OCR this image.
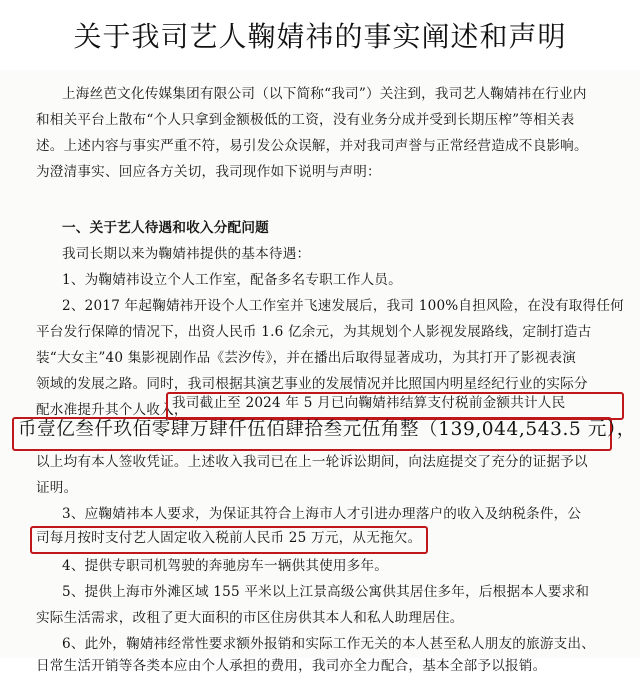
关于我司艺人鞠婧祎的事实阐述和声明
上海丝芭文化传媒集团有限公司（以下简称“我司”）关注到，我司艺人鞠婧祎在行业内
和相关平台上散布“个人只拿到金额极低的工资，没有业务分成并受到长期压榨”等相关表
述。上述内容与事实严重不符，易引发公众误解，并对我司声誉与正常经营造成不良影响。
为澄清事实、回应各方关切，我司现作如下说明与声明：
一、关于艺人待遇和收入分配问题
我司长期以来为鞠婧祎提供的基本待遇：
1、为鞠婧祎设立个人工作室，配备多名专职工作人员。
2、2017 年起鞠婧祎开设个人工作室并飞速发展后，我司 100%自担风险，在没有取得任何
平台发行保障的情况下，出资人民币 1.6 亿余元，为其规划个人影视发展路线，定制打造古
装“大女主”40 集影视剧作品《芸汐传》，并在播出后取得显著成功，为其打开了影视表演
领域的发展之路。同时，我司根据其演艺事业的发展情况并比照国内明星经纪行业的实际分
配水准提升其个人收入，
我司截止至 2024 年 5 月已向鞠婧祎结算支付税前金额共计人民
币壹亿叁仟玖佰零肆万肆仟伍佰肆拾叁元伍角整（139,044,543.5 元），
以上均有本人签收凭证。上述收入我司已在上一轮诉讼期间，向法庭提交了充分的证据予以
证明。
3、应鞠婧祎本人要求，为保证其符合上海市人才引进办理落户的收入及纳税条件，公
司每月按时支付艺人固定收入税前人民币 25 万元，从无拖欠。
4、提供专职司机驾驶的奔驰房车一辆供其使用多年。
5、提供上海市外滩区域 155 平米以上江景高级公寓供其居住多年，后根据本人要求和
实际生活需求，改租了更大面积的市区住房供其本人和私人助理居住。
6、此外，鞠婧祎经常性要求额外报销和实际工作无关的本人甚至私人朋友的旅游支出、
日常生活开销等各类本应由个人承担的费用，我司亦全力配合，基本全部予以报销。
